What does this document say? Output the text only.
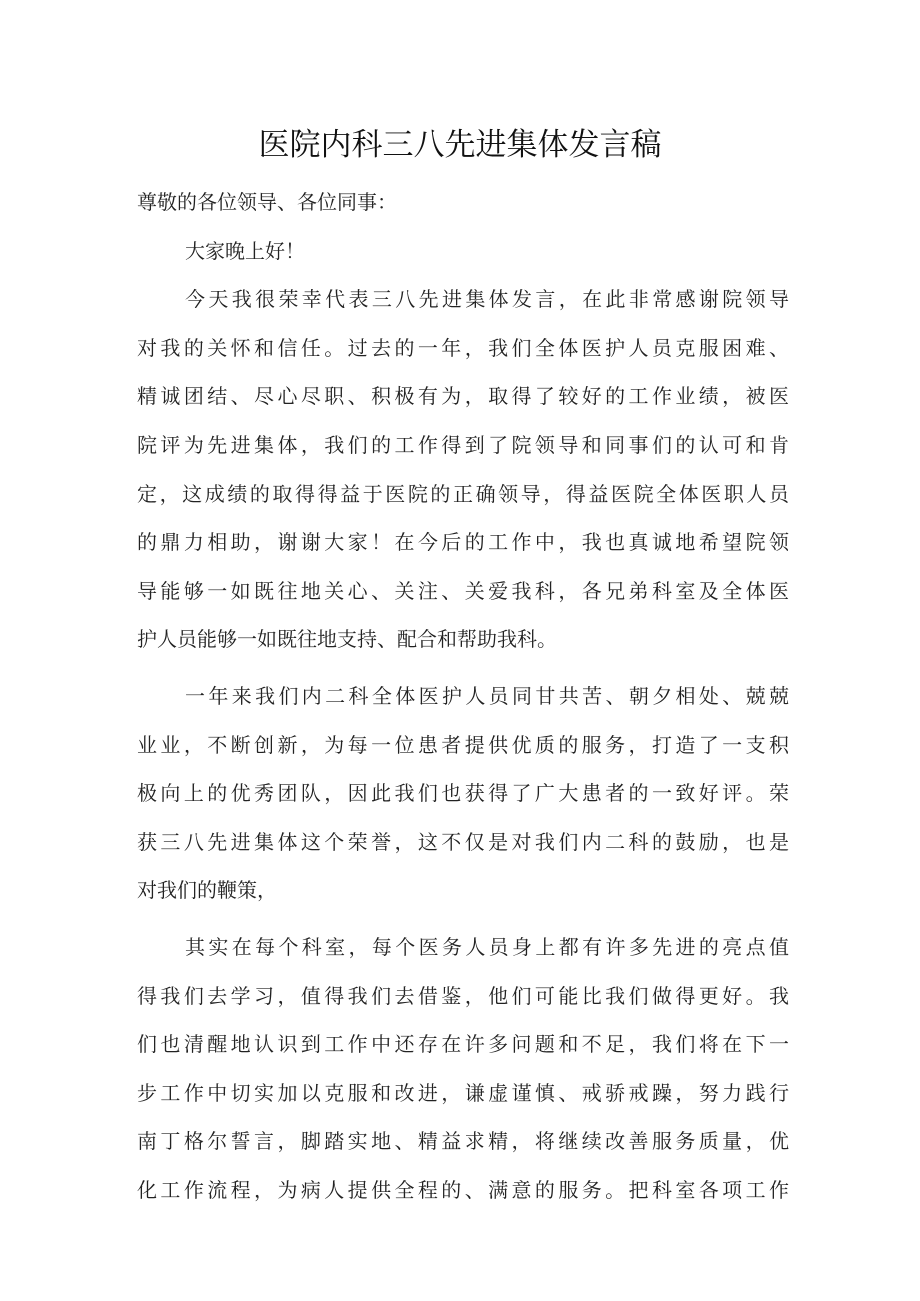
医院内科三八先进集体发言稿
尊敬的各位领导、各位同事：
大家晚上好！
今天我很荣幸代表三八先进集体发言，在此非常感谢院领导
对我的关怀和信任。过去的一年，我们全体医护人员克服困难、
精诚团结、尽心尽职、积极有为，取得了较好的工作业绩，被医
院评为先进集体，我们的工作得到了院领导和同事们的认可和肯
定，这成绩的取得得益于医院的正确领导，得益医院全体医职人员
的鼎力相助，谢谢大家！在今后的工作中，我也真诚地希望院领
导能够一如既往地关心、关注、关爱我科，各兄弟科室及全体医
护人员能够一如既往地支持、配合和帮助我科。
一年来我们内二科全体医护人员同甘共苦、朝夕相处、兢兢
业业，不断创新，为每一位患者提供优质的服务，打造了一支积
极向上的优秀团队，因此我们也获得了广大患者的一致好评。荣
获三八先进集体这个荣誉，这不仅是对我们内二科的鼓励，也是
对我们的鞭策，
其实在每个科室，每个医务人员身上都有许多先进的亮点值
得我们去学习，值得我们去借鉴，他们可能比我们做得更好。我
们也清醒地认识到工作中还存在许多问题和不足，我们将在下一
步工作中切实加以克服和改进，谦虚谨慎、戒骄戒躁，努力践行
南丁格尔誓言，脚踏实地、精益求精，将继续改善服务质量，优
化工作流程，为病人提供全程的、满意的服务。把科室各项工作
